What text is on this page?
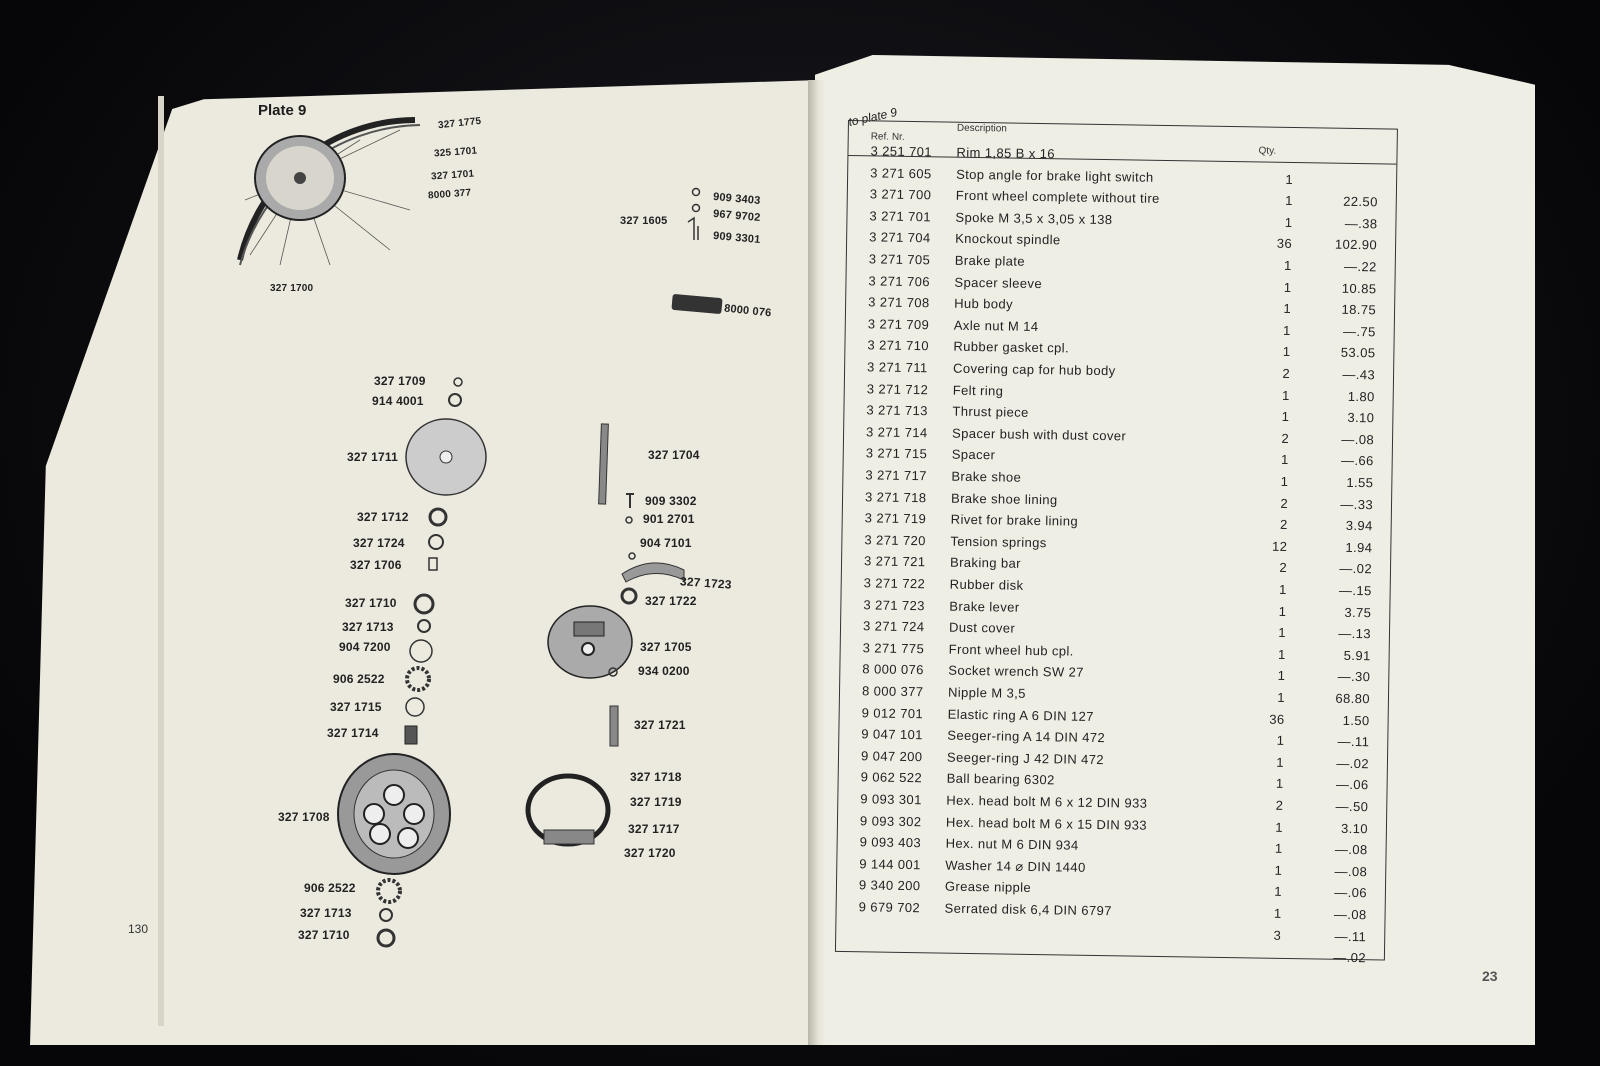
Plate 9
327 1775
325 1701
327 1701
8000 377
327 1700
909 3403
967 9702
327 1605
909 3301
8000 076
327 1709
914 4001
327 1711
327 1712
327 1724
327 1706
327 1710
327 1713
904 7200
906 2522
327 1715
327 1714
327 1708
906 2522
327 1713
327 1710
327 1704
909 3302
901 2701
904 7101
327 1723
327 1722
327 1705
934 0200
327 1721
327 1718
327 1719
327 1717
327 1720
130
to plate 9
Ref. Nr.
Description
Qty.
3 251 701 Rim 1,85 B x 16
3 271 605 Stop angle for brake light switch	1
3 271 700 Front wheel complete without tire	1	22.50
3 271 701 Spoke M 3,5 x 3,05 x 138	1	—.38
3 271 704 Knockout spindle	36	102.90
3 271 705 Brake plate	1	—.22
3 271 706 Spacer sleeve	1	10.85
3 271 708 Hub body	1	18.75
3 271 709 Axle nut M 14	1	—.75
3 271 710 Rubber gasket cpl.	1	53.05
3 271 711 Covering cap for hub body	2	—.43
3 271 712 Felt ring	1	1.80
3 271 713 Thrust piece	1	3.10
3 271 714 Spacer bush with dust cover	2	—.08
3 271 715 Spacer	1	—.66
3 271 717 Brake shoe	1	1.55
3 271 718 Brake shoe lining	2	—.33
3 271 719 Rivet for brake lining	2	3.94
3 271 720 Tension springs	12	1.94
3 271 721 Braking bar	2	—.02
3 271 722 Rubber disk	1	—.15
3 271 723 Brake lever	1	3.75
3 271 724 Dust cover	1	—.13
3 271 775 Front wheel hub cpl.	1	5.91
8 000 076 Socket wrench SW 27	1	—.30
8 000 377 Nipple M 3,5	1	68.80
9 012 701 Elastic ring A 6 DIN 127	36	1.50
9 047 101 Seeger-ring A 14 DIN 472	1	—.11
9 047 200 Seeger-ring J 42 DIN 472	1	—.02
9 062 522 Ball bearing 6302	1	—.06
9 093 301 Hex. head bolt M 6 x 12 DIN 933	2	—.50
9 093 302 Hex. head bolt M 6 x 15 DIN 933	1	3.10
9 093 403 Hex. nut M 6 DIN 934	1	—.08
9 144 001 Washer 14 ⌀ DIN 1440	1	—.08
9 340 200 Grease nipple	1	—.06
9 679 702 Serrated disk 6,4 DIN 6797	1	—.08
3	—.11
—.02
23
